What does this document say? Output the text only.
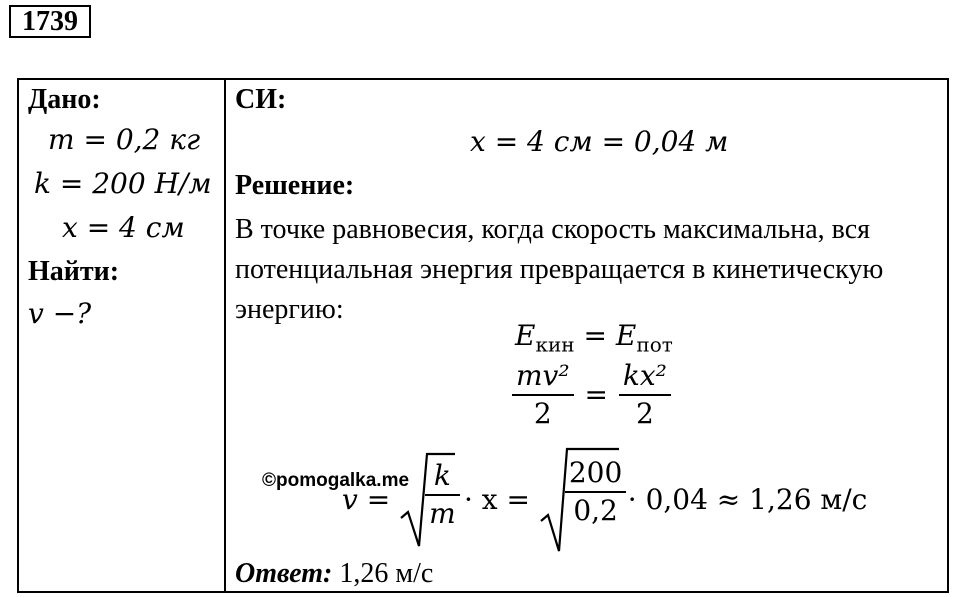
1739
Дано:
m = 0,2 кг
k = 200 Н/м
x = 4 см
Найти:
v −?
СИ:
x = 4 см = 0,04 м
Решение:
В точке равновесия, когда скорость максимальна, вся потенциальная энергия превращается в кинетическую энергию:
$E_{кин} = E_{пот}$
$\frac{\text{mv²}}{2} = \frac{\text{kx²}}{2}$
$v = \frac{k}{m} \cdot x = \frac{200}{0,2} \cdot 0,04 \approx 1,26$ м/с
©pomogalka.me
Ответ: 1,26 м/с
